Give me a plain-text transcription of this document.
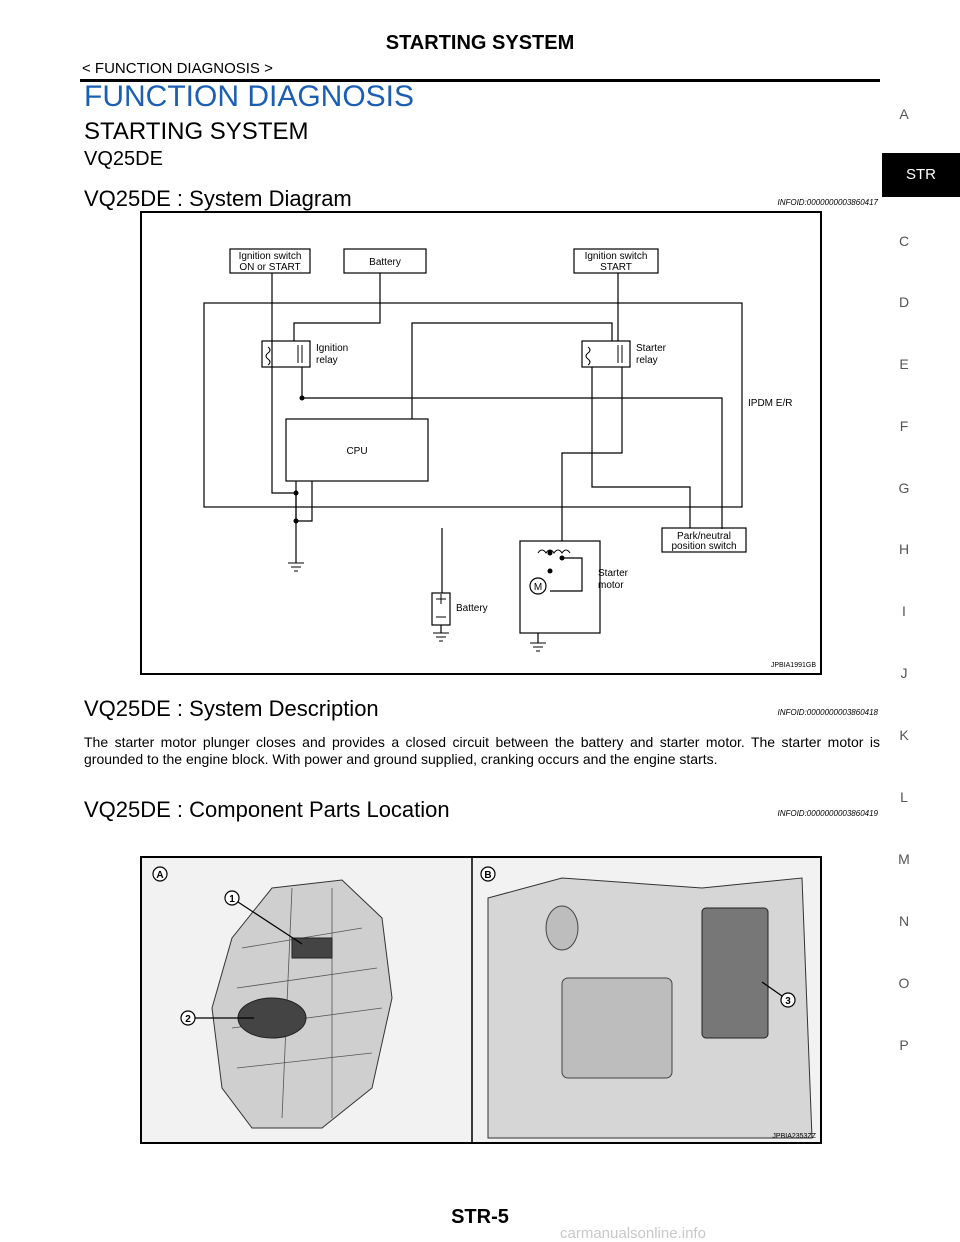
STARTING SYSTEM
< FUNCTION DIAGNOSIS >
FUNCTION DIAGNOSIS
STARTING SYSTEM
VQ25DE
VQ25DE : System Diagram	INFOID:0000000003860417
Ignition switch
ON or START	Battery
Ignition switch
START
Ignition
relay
Starter
relay
IPDM E/R
CPU
Park/neutral
position switch
M
Starter
motor
Battery
JPBIA1991GB
VQ25DE : System Description	INFOID:0000000003860418
The starter motor plunger closes and provides a closed circuit between the battery and starter motor. The starter motor is grounded to the engine block. With power and ground supplied, cranking occurs and the engine starts.
VQ25DE : Component Parts Location	INFOID:0000000003860419
A	B
1
2
3
JPBIA2353ZZ
A
STR
C
D
E
F
G
H
I
J
K
L
M
N
O
P
STR-5
carmanualsonline.info
